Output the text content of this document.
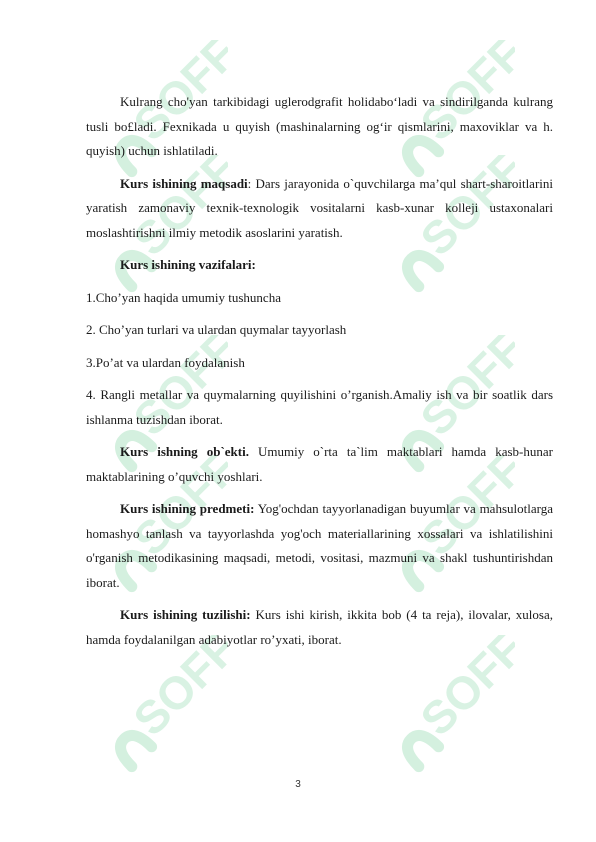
SOFF	SOFF
SOFF	SOFF
SOFF	SOFF
SOFF	SOFF
SOFF	SOFF

Kulrang cho'yan tarkibidagi uglerodgrafit holidabo‘ladi va sindirilganda kulrang tusli bo£ladi. Fexnikada u quyish (mashinalarning og‘ir qismlarini, maxoviklar va h. quyish) uchun ishlatiladi.

Kurs ishining maqsadi: Dars jarayonida o`quvchilarga ma’qul shart-sharoitlarini yaratish zamonaviy texnik-texnologik vositalarni kasb-xunar kolleji ustaxonalari moslashtirishni ilmiy metodik asoslarini yaratish.

Kurs ishining vazifalari:

1.Cho’yan haqida umumiy tushuncha

2. Cho’yan turlari va ulardan quymalar tayyorlash

3.Po’at va ulardan foydalanish

4. Rangli metallar va quymalarning quyilishini o’rganish.Amaliy ish va bir soatlik dars ishlanma tuzishdan iborat.

Kurs ishning ob`ekti. Umumiy o`rta ta`lim maktablari hamda kasb-hunar maktablarining o’quvchi yoshlari.

Kurs ishining predmeti: Yog'ochdan tayyorlanadigan buyumlar va mahsulotlarga homashyo tanlash va tayyorlashda yog'och materiallarining xossalari va ishlatilishini o'rganish metodikasining maqsadi, metodi, vositasi, mazmuni va shakl tushuntirishdan iborat.

Kurs ishining tuzilishi: Kurs ishi kirish, ikkita bob (4 ta reja), ilovalar, xulosa, hamda foydalanilgan adabiyotlar ro’yxati, iborat.

3
